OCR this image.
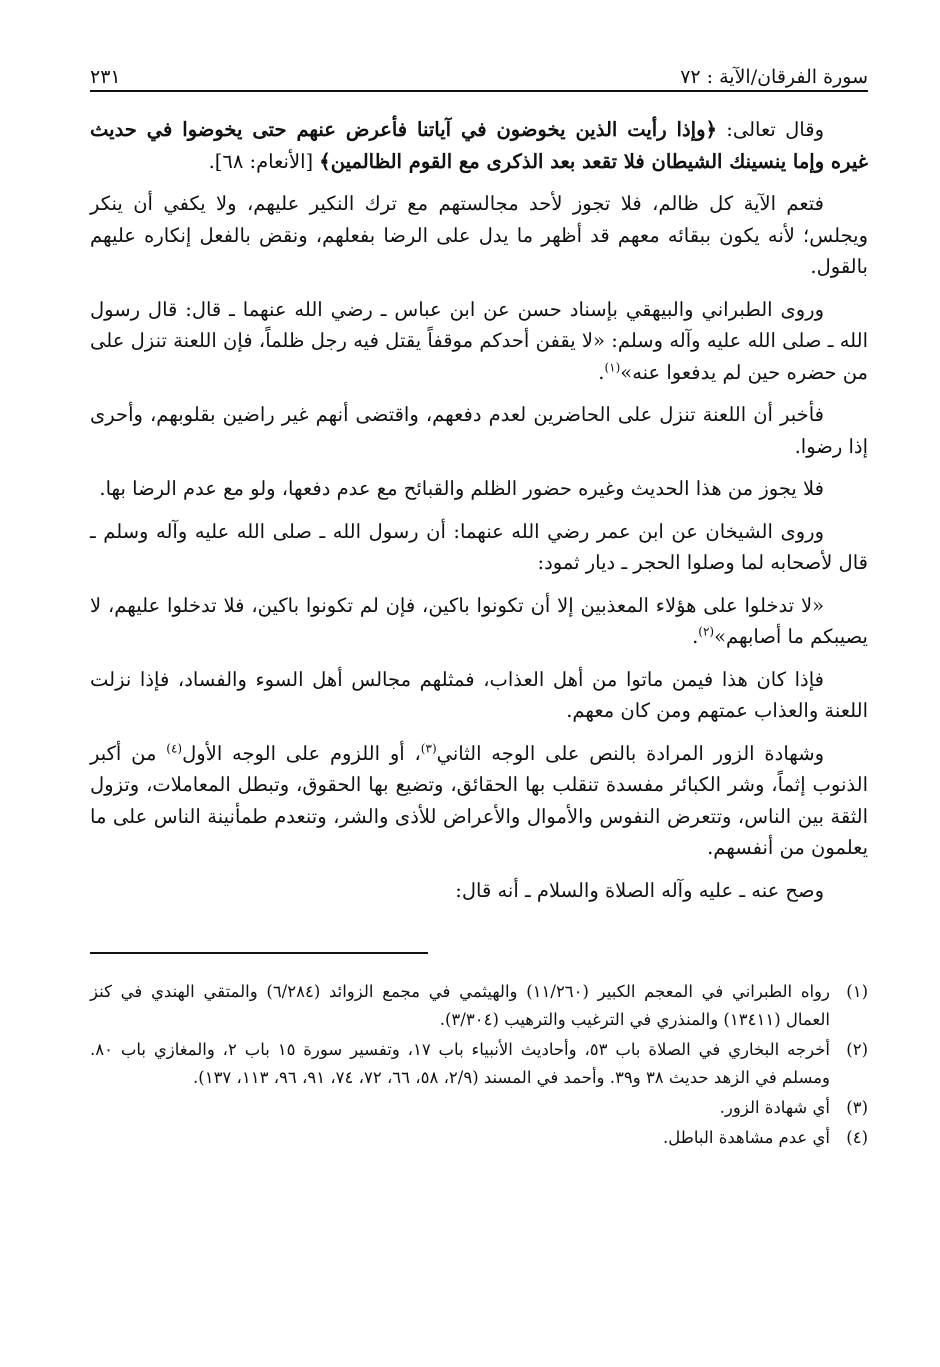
سورة الفرقان/الآية : ٧٢
٢٣١

وقال تعالى: ﴿وإذا رأيت الذين يخوضون في آياتنا فأعرض عنهم حتى يخوضوا في حديث غيره وإما ينسينك الشيطان فلا تقعد بعد الذكرى مع القوم الظالمين﴾ [الأنعام: ٦٨].

فتعم الآية كل ظالم، فلا تجوز لأحد مجالستهم مع ترك النكير عليهم، ولا يكفي أن ينكر ويجلس؛ لأنه يكون ببقائه معهم قد أظهر ما يدل على الرضا بفعلهم، ونقض بالفعل إنكاره عليهم بالقول.

وروى الطبراني والبيهقي بإسناد حسن عن ابن عباس ـ رضي الله عنهما ـ قال: قال رسول الله ـ صلى الله عليه وآله وسلم: «لا يقفن أحدكم موقفاً يقتل فيه رجل ظلماً، فإن اللعنة تنزل على من حضره حين لم يدفعوا عنه»$^{(١)}$.

فأخبر أن اللعنة تنزل على الحاضرين لعدم دفعهم، واقتضى أنهم غير راضين بقلوبهم، وأحرى إذا رضوا.

فلا يجوز من هذا الحديث وغيره حضور الظلم والقبائح مع عدم دفعها، ولو مع عدم الرضا بها.

وروى الشيخان عن ابن عمر رضي الله عنهما: أن رسول الله ـ صلى الله عليه وآله وسلم ـ قال لأصحابه لما وصلوا الحجر ـ ديار ثمود:

«لا تدخلوا على هؤلاء المعذبين إلا أن تكونوا باكين، فإن لم تكونوا باكين، فلا تدخلوا عليهم، لا يصيبكم ما أصابهم»$^{(٢)}$.

فإذا كان هذا فيمن ماتوا من أهل العذاب، فمثلهم مجالس أهل السوء والفساد، فإذا نزلت اللعنة والعذاب عمتهم ومن كان معهم.

وشهادة الزور المرادة بالنص على الوجه الثاني$^{(٣)}$، أو اللزوم على الوجه الأول$^{(٤)}$ من أكبر الذنوب إثماً، وشر الكبائر مفسدة تنقلب بها الحقائق، وتضيع بها الحقوق، وتبطل المعاملات، وتزول الثقة بين الناس، وتتعرض النفوس والأموال والأعراض للأذى والشر، وتنعدم طمأنينة الناس على ما يعلمون من أنفسهم.

وصح عنه ـ عليه وآله الصلاة والسلام ـ أنه قال:

(١)
رواه الطبراني في المعجم الكبير (١١/٢٦٠) والهيثمي في مجمع الزوائد (٦/٢٨٤) والمتقي الهندي في كنز العمال (١٣٤١١) والمنذري في الترغيب والترهيب (٣/٣٠٤).
(٢)
أخرجه البخاري في الصلاة باب ٥٣، وأحاديث الأنبياء باب ١٧، وتفسير سورة ١٥ باب ٢، والمغازي باب ٨٠. ومسلم في الزهد حديث ٣٨ و٣٩. وأحمد في المسند (٢/٩، ٥٨، ٦٦، ٧٢، ٧٤، ٩١، ٩٦، ١١٣، ١٣٧).
(٣)
أي شهادة الزور.
(٤)
أي عدم مشاهدة الباطل.
